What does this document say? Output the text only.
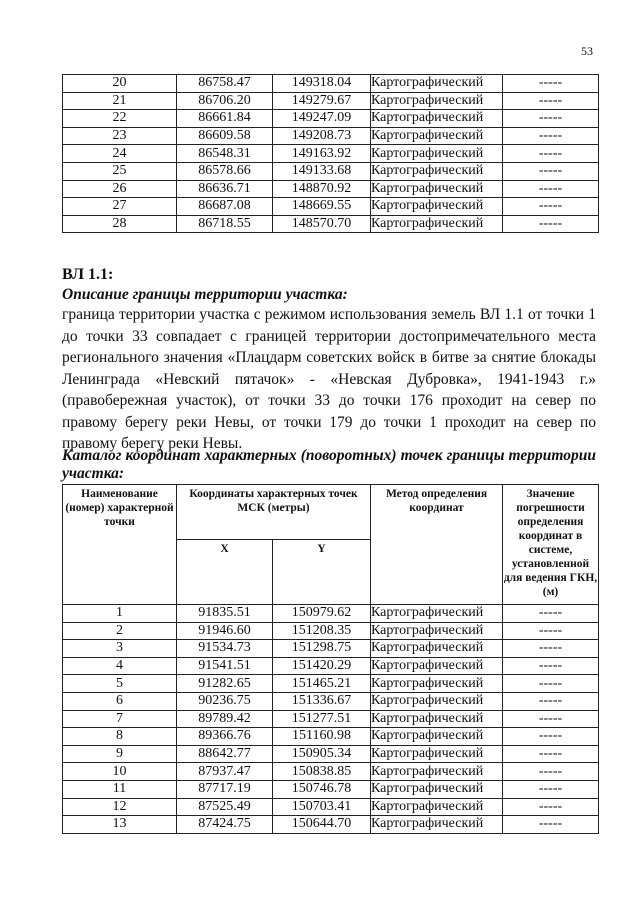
53
20	86758.47	149318.04	Картографический	-----
21	86706.20	149279.67	Картографический	-----
22	86661.84	149247.09	Картографический	-----
23	86609.58	149208.73	Картографический	-----
24	86548.31	149163.92	Картографический	-----
25	86578.66	149133.68	Картографический	-----
26	86636.71	148870.92	Картографический	-----
27	86687.08	148669.55	Картографический	-----
28	86718.55	148570.70	Картографический	-----
ВЛ 1.1:
Описание границы территории участка:
граница территории участка с режимом использования земель ВЛ 1.1 от точки 1 до точки 33 совпадает с границей территории достопримечательного места регионального значения «Плацдарм советских войск в битве за снятие блокады Ленинграда «Невский пятачок» - «Невская Дубровка», 1941-1943 г.» (правобережная участок), от точки 33 до точки 176 проходит на север по правому берегу реки Невы, от точки 179 до точки 1 проходит на север по правому берегу реки Невы.
Каталог координат характерных (поворотных) точек границы территории участка:
Наименование (номер) характерной точки	Координаты характерных точек МСК (метры)		Метод определения координат	Значение погрешности определения координат в системе, установленной для ведения ГКН, (м)
	X	Y		
1	91835.51	150979.62	Картографический	-----
2	91946.60	151208.35	Картографический	-----
3	91534.73	151298.75	Картографический	-----
4	91541.51	151420.29	Картографический	-----
5	91282.65	151465.21	Картографический	-----
6	90236.75	151336.67	Картографический	-----
7	89789.42	151277.51	Картографический	-----
8	89366.76	151160.98	Картографический	-----
9	88642.77	150905.34	Картографический	-----
10	87937.47	150838.85	Картографический	-----
11	87717.19	150746.78	Картографический	-----
12	87525.49	150703.41	Картографический	-----
13	87424.75	150644.70	Картографический	-----
